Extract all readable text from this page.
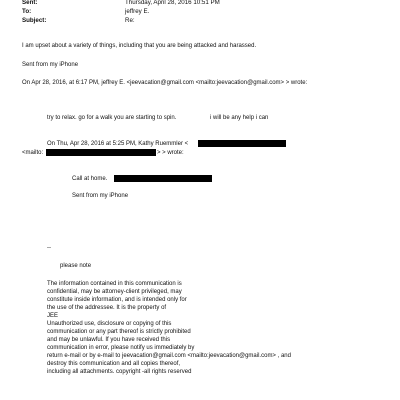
Sent:	Thursday, April 28, 2016 10:51 PM
To:	jeffrey E.
Subject:	Re:
I am upset about a variety of things, including that you are being attacked and harassed.
Sent from my iPhone
On Apr 28, 2016, at 6:17 PM, jeffrey E. <jeevacation@gmail.com <mailto:jeevacation@gmail.com> > wrote:
try to relax. go for a walk you are starting to spin.	i will be any help i can
On Thu, Apr 28, 2016 at 5:25 PM, Kathy Ruemmler <
<mailto:	> > wrote:
Call at home.
Sent from my iPhone
--
please note
The information contained in this communication is
confidential, may be attorney-client privileged, may
constitute inside information, and is intended only for
the use of the addressee. It is the property of
JEE
Unauthorized use, disclosure or copying of this
communication or any part thereof is strictly prohibited
and may be unlawful. If you have received this
communication in error, please notify us immediately by
return e-mail or by e-mail to jeevacation@gmail.com <mailto:jeevacation@gmail.com> , and
destroy this communication and all copies thereof,
including all attachments. copyright -all rights reserved
